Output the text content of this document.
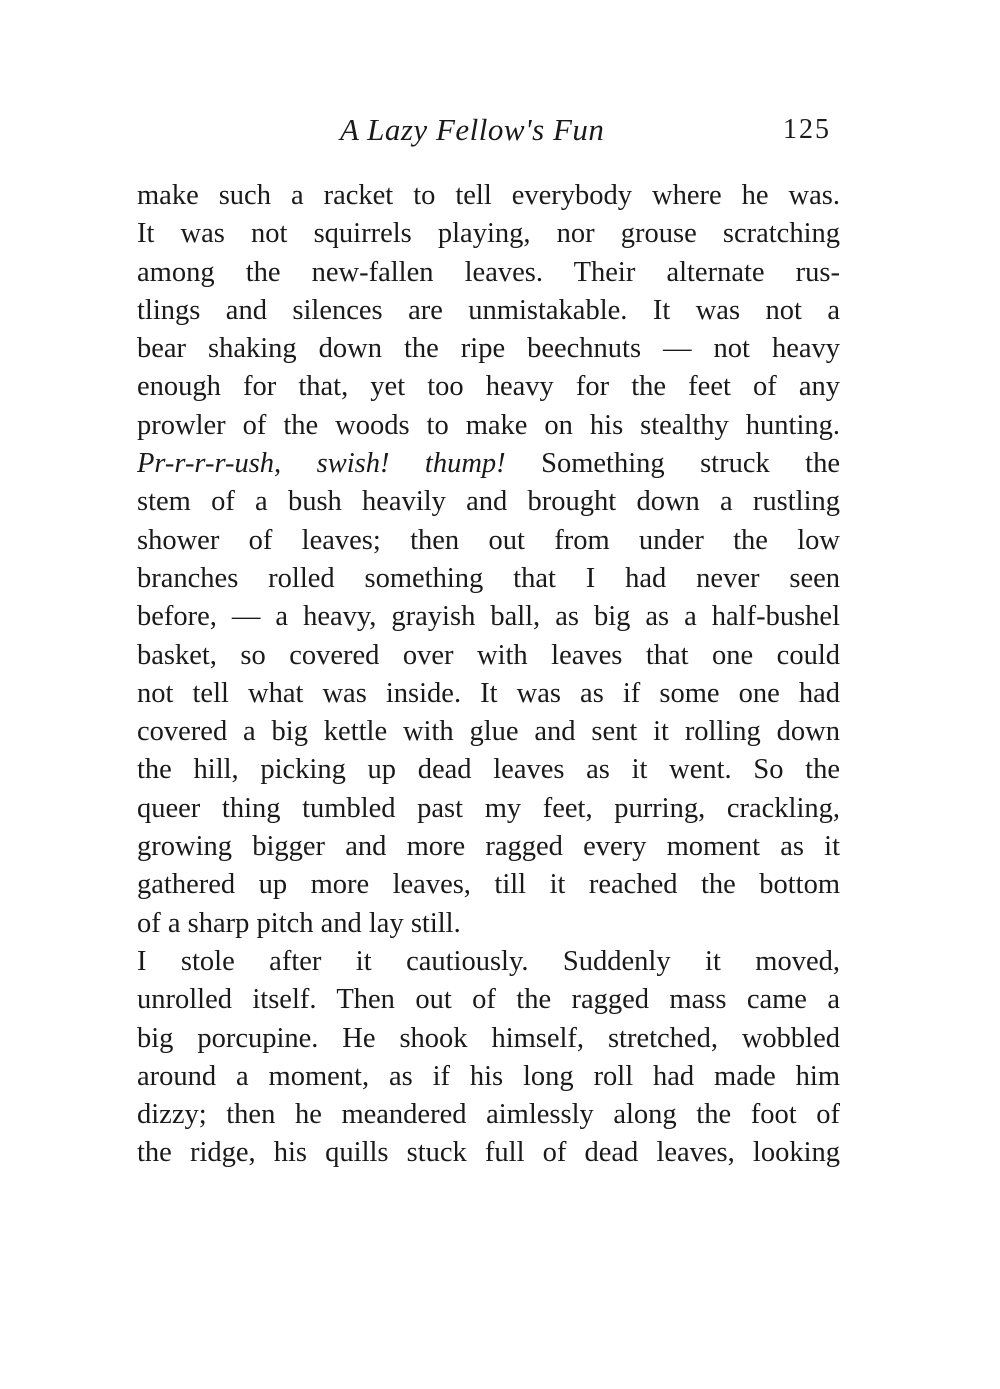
A Lazy Fellow's Fun	125
make such a racket to tell everybody where he was.
It was not squirrels playing, nor grouse scratching
among the new-fallen leaves. Their alternate rus-
tlings and silences are unmistakable. It was not a
bear shaking down the ripe beechnuts — not heavy
enough for that, yet too heavy for the feet of any
prowler of the woods to make on his stealthy hunting.
Pr-r-r-r-ush, swish! thump! Something struck the
stem of a bush heavily and brought down a rustling
shower of leaves; then out from under the low
branches rolled something that I had never seen
before, — a heavy, grayish ball, as big as a half-bushel
basket, so covered over with leaves that one could
not tell what was inside. It was as if some one had
covered a big kettle with glue and sent it rolling down
the hill, picking up dead leaves as it went. So the
queer thing tumbled past my feet, purring, crackling,
growing bigger and more ragged every moment as it
gathered up more leaves, till it reached the bottom
of a sharp pitch and lay still.
I stole after it cautiously. Suddenly it moved,
unrolled itself. Then out of the ragged mass came a
big porcupine. He shook himself, stretched, wobbled
around a moment, as if his long roll had made him
dizzy; then he meandered aimlessly along the foot of
the ridge, his quills stuck full of dead leaves, looking
